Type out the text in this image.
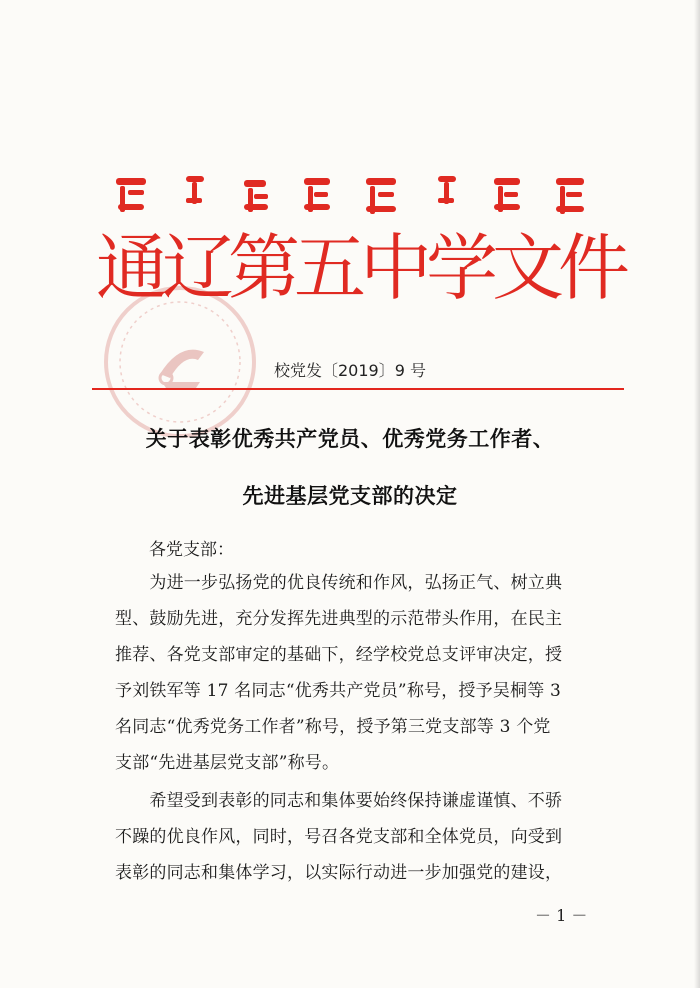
通辽第五中学文件
校党发〔2019〕9 号
关于表彰优秀共产党员、优秀党务工作者、
先进基层党支部的决定
各党支部：
　　为进一步弘扬党的优良传统和作风，弘扬正气、树立典
型、鼓励先进，充分发挥先进典型的示范带头作用，在民主
推荐、各党支部审定的基础下，经学校党总支评审决定，授
予刘铁军等 17 名同志“优秀共产党员”称号，授予吴桐等 3
名同志“优秀党务工作者”称号，授予第三党支部等 3 个党
支部“先进基层党支部”称号。
　　希望受到表彰的同志和集体要始终保持谦虚谨慎、不骄
不躁的优良作风，同时，号召各党支部和全体党员，向受到
表彰的同志和集体学习，以实际行动进一步加强党的建设，
－ 1 －
